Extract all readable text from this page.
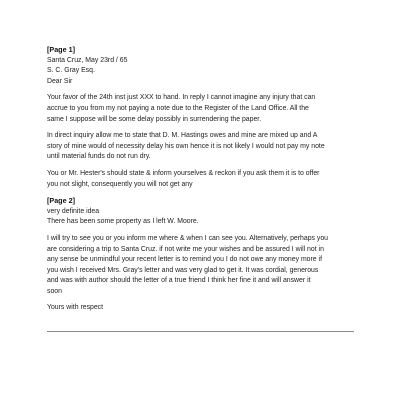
[Page 1]

Santa Cruz, May 23rd / 65

S. C. Gray Esq.

Dear Sir

Your favor of the 24th inst just XXX to hand. In reply I cannot imagine any injury that can

accrue to you from my not paying a note due to the Register of the Land Office. All the

same I suppose will be some delay possibly in surrendering the paper.

In direct inquiry allow me to state that D. M. Hastings owes and mine are mixed up and A

story of mine would of necessity delay his own hence it is not likely I would not pay my note

until material funds do not run dry.

You or Mr. Hester's should state & inform yourselves & reckon if you ask them it is to offer

you not slight, consequently you will not get any

[Page 2]

very definite idea

There has been some property as I left W. Moore.

I will try to see you or you inform me where & when I can see you. Alternatively, perhaps you

are considering a trip to Santa Cruz. if not write me your wishes and be assured I will not in

any sense be unmindful your recent letter is to remind you I do not owe any money more if

you wish I received Mrs. Gray's letter and was very glad to get it. It was cordial, generous

and was with author should the letter of a true friend I think her fine it and will answer it

soon

Yours with respect
